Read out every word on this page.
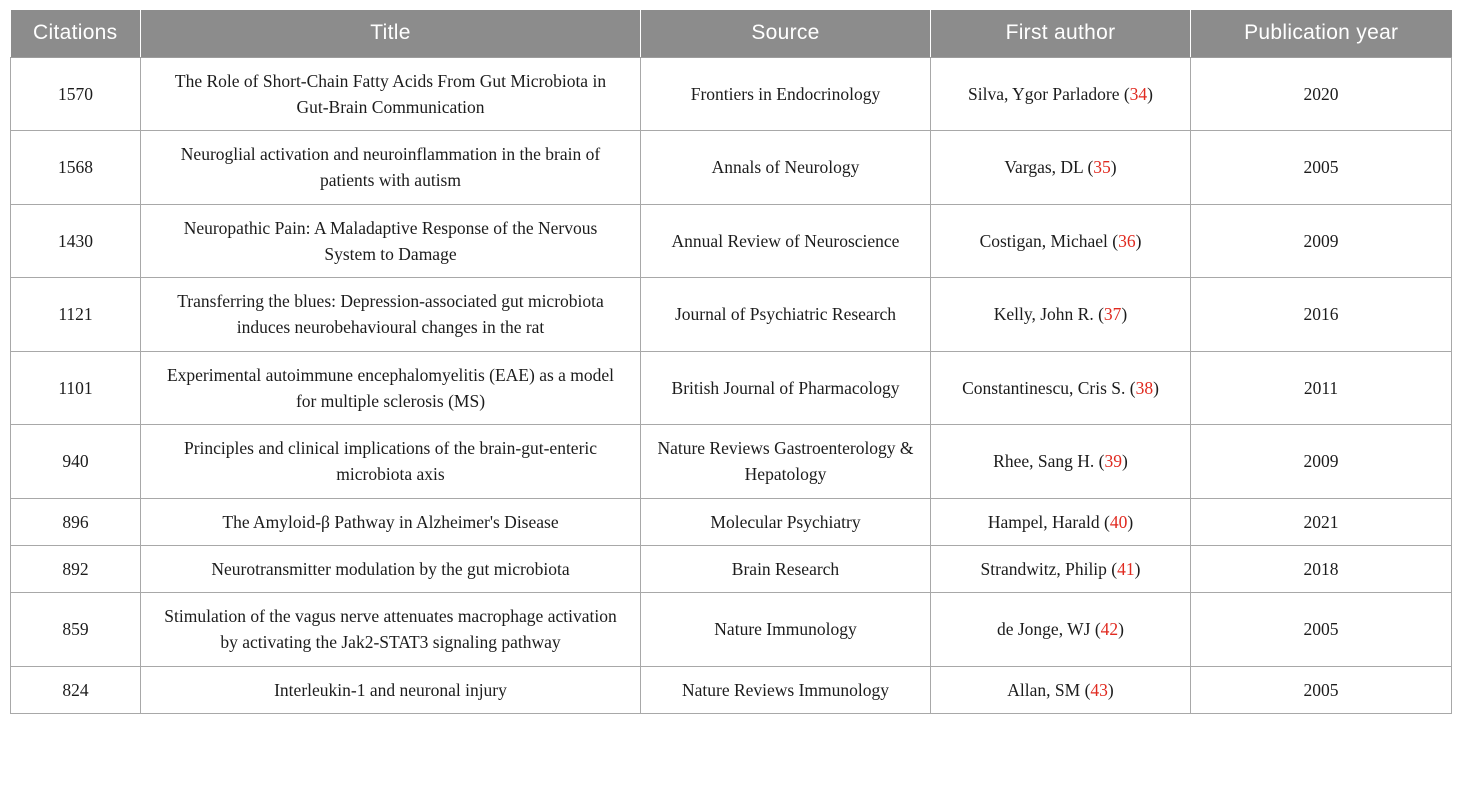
Citations	Title	Source	First author	Publication year
1570	The Role of Short-Chain Fatty Acids From Gut Microbiota in Gut-Brain Communication	Frontiers in Endocrinology	Silva, Ygor Parladore (34)	2020
1568	Neuroglial activation and neuroinflammation in the brain of patients with autism	Annals of Neurology	Vargas, DL (35)	2005
1430	Neuropathic Pain: A Maladaptive Response of the Nervous System to Damage	Annual Review of Neuroscience	Costigan, Michael (36)	2009
1121	Transferring the blues: Depression-associated gut microbiota induces neurobehavioural changes in the rat	Journal of Psychiatric Research	Kelly, John R. (37)	2016
1101	Experimental autoimmune encephalomyelitis (EAE) as a model for multiple sclerosis (MS)	British Journal of Pharmacology	Constantinescu, Cris S. (38)	2011
940	Principles and clinical implications of the brain-gut-enteric microbiota axis	Nature Reviews Gastroenterology & Hepatology	Rhee, Sang H. (39)	2009
896	The Amyloid-β Pathway in Alzheimer's Disease	Molecular Psychiatry	Hampel, Harald (40)	2021
892	Neurotransmitter modulation by the gut microbiota	Brain Research	Strandwitz, Philip (41)	2018
859	Stimulation of the vagus nerve attenuates macrophage activation by activating the Jak2-STAT3 signaling pathway	Nature Immunology	de Jonge, WJ (42)	2005
824	Interleukin-1 and neuronal injury	Nature Reviews Immunology	Allan, SM (43)	2005
